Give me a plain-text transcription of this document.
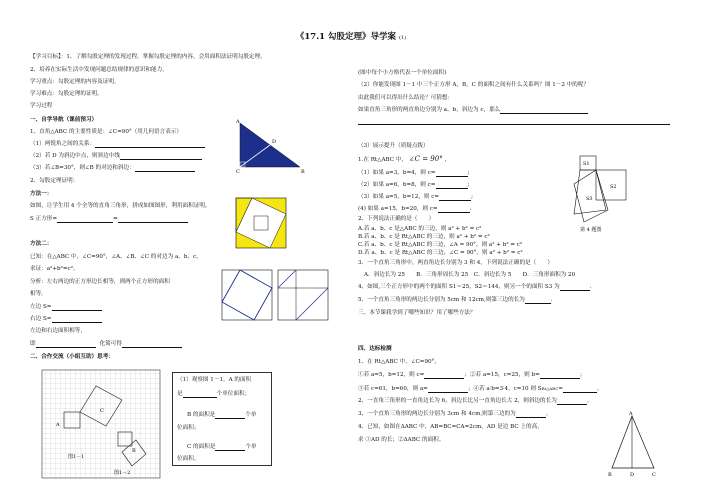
《17.1 勾股定理》导学案 (1)
【学习目标】：1、了解勾股定理的发现过程，掌握勾股定理的内容，会用面积法证明勾股定理。
2、培养在实际生活中发现问题总结规律的意识和能力。
学习重点：勾股定理的内容及证明。
学习难点：勾股定理的证明。
学习过程
一、自学导航（课前预习）
1、直角△ABC 的主要性质是：∠C=90°（用几何语言表示）
（1）两锐角之间的关系：
（2）若 D 为斜边中点，则斜边中线
（3）若∠B=30°，则∠B 的对边和斜边：
2、勾股定理证明：
方法一：
如图，让学生用 4 个全等的直角三角形，拼成如图图形，利用面积证明。
S 正方形=	=
方法二：
已知：在△ABC 中，∠C=90°，∠A、∠B、∠C 的对边为 a、b、c。
求证：a²+b²=c²。
分析：左右两边的正方形边长相等，则两个正方形的面积
相等。
左边 S=
右边 S=
左边和右边面积相等，
即	化简可得
二、合作交流（小组互助）思考：
A
D
C	B
A
C
B
图1－1
图1－2
（1）观察图 1－1。A 的面积
是	个单位面积；
B 的面积是	个单
位面积；
C 的面积是	个单
位面积。
(图中每个小方格代表一个单位面积)
（2）你能发现图 1－1 中三个正方形 A，B，C 的面积之间有什么关系吗？图 1－2 中的呢？
由此我们可以得出什么结论？可猜想：
如果直角三角形的两直角边分别为 a、b，斜边为 c，那么
（3）展示提升（质疑点拨）
1.在 Rt△ABC 中， ∠C = 90° ，
（1）如果 a=3，b=4，则 c=	;
（2）如果 a=6，b=8，则 c=	;
（3）如果 a=5，b=12，则 c=	;
(4) 如果 a=15，b=20，则 c=	.
2、下列说法正确的是（　　）
A.若 a、b、c 是△ABC 的三边，则 a² + b² = c²
B.若 a、b、c 是 Rt△ABC 的三边，则 a² + b² = c²
C.若 a、b、c 是 Rt△ABC 的三边，∠A = 90°，则 a² + b² = c²
D.若 a、b、c 是 Rt△ABC 的三边，∠C = 90°，则 a² + b² = c²
3、一个直角三角形中，两直角边长分别为 3 和 4，下列说法正确的是（　　）
A．斜边长为 25　　B．三角形周长为 25　C．斜边长为 5　　D．三角形面积为 20
4、如图,三个正方形中的两个的面积 S1＝25，S2＝144，则另一个的面积 S3 为	.
5、一个直角三角形的两边长分别为 5cm 和 12cm,则第三边的长为	.
三、本节课我学到了哪些知识？用了哪些方法？
S1
S2
S3
第 4 题图
四、达标检测
1、在 Rt△ABC 中，∠C=90°，
①若 a=5，b=12，则 c=	；②若 a=15，c=25，则 b=	；
③若 c=61，b=60，则 a=	；④若 a∶b=3∶4，c=10 则 SRt△ABC=	。
2、一直角三角形的一直角边长为 6，斜边长比另一直角边长大 2，则斜边的长为	。
3、一个直角三角形的两边长分别为 3cm 和 4cm,则第三边的为	。
4、已知，如图在ΔABC 中，AB=BC=CA=2cm，AD 是边 BC 上的高，
求 ①AD 的长；②ΔABC 的面积。
A
B	D	C
